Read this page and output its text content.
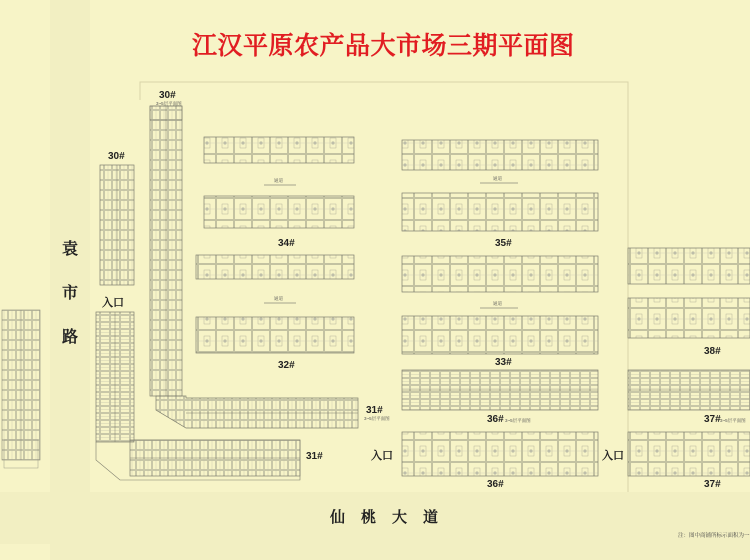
江汉平原农产品大市场三期平面图
袁
市
路
仙桃大道
入口
入口	入口
30#
3~5层平面图
30#
34#	35#
32#	33#
31#
3~5层平面图
31#
36# 3~5层平面图
36#
37# 3~5层平面图
37#
38#
通道
通道
通道
通道
注：图中商铺所标示面积为一
